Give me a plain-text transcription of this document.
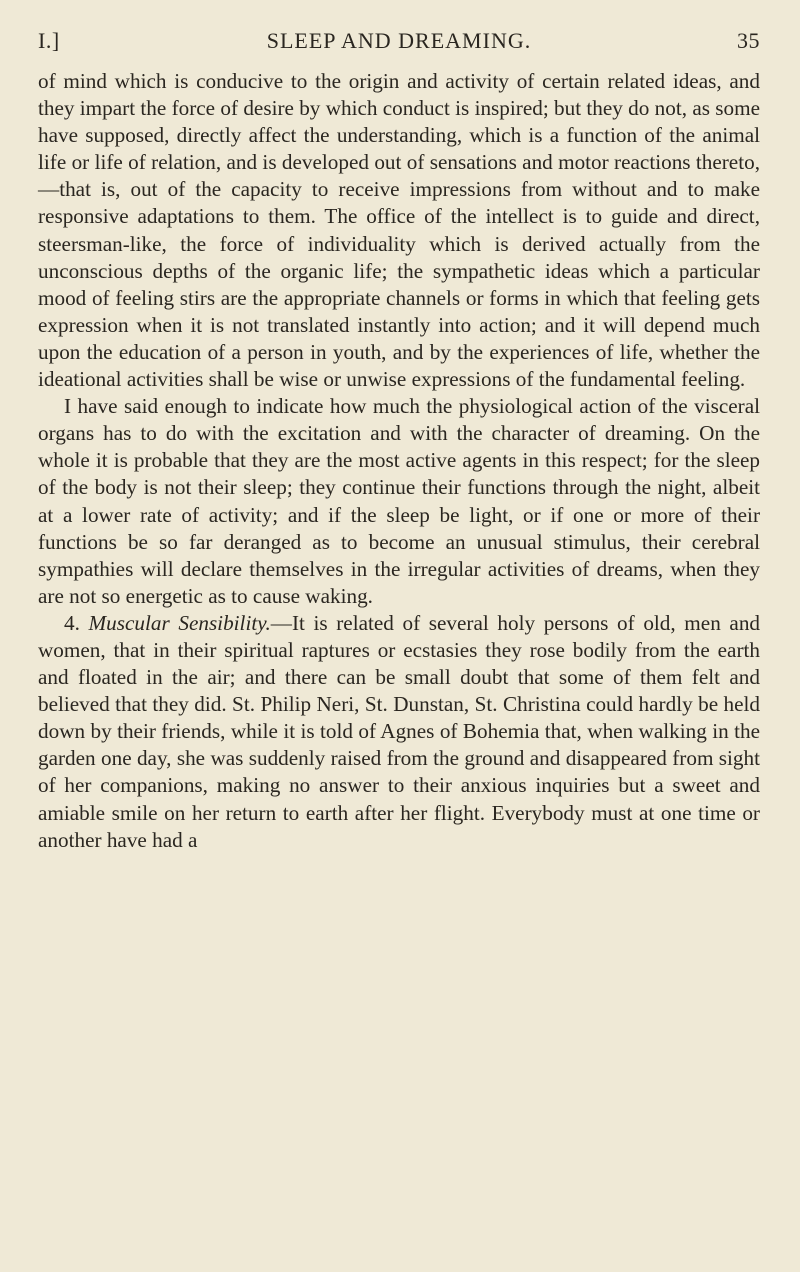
I.]	SLEEP AND DREAMING.	35

of mind which is conducive to the origin and activity of certain related ideas, and they impart the force of desire by which conduct is inspired; but they do not, as some have supposed, directly affect the understanding, which is a function of the animal life or life of relation, and is developed out of sensations and motor reactions thereto,—that is, out of the capacity to receive impressions from without and to make responsive adaptations to them. The office of the intellect is to guide and direct, steersman-like, the force of individuality which is derived actually from the unconscious depths of the organic life; the sympathetic ideas which a particular mood of feeling stirs are the appropriate channels or forms in which that feeling gets expression when it is not translated instantly into action; and it will depend much upon the education of a person in youth, and by the experiences of life, whether the ideational activities shall be wise or unwise expressions of the fundamental feeling.

I have said enough to indicate how much the physiological action of the visceral organs has to do with the excitation and with the character of dreaming. On the whole it is probable that they are the most active agents in this respect; for the sleep of the body is not their sleep; they continue their functions through the night, albeit at a lower rate of activity; and if the sleep be light, or if one or more of their functions be so far deranged as to become an unusual stimulus, their cerebral sympathies will declare themselves in the irregular activities of dreams, when they are not so energetic as to cause waking.

4. Muscular Sensibility.—It is related of several holy persons of old, men and women, that in their spiritual raptures or ecstasies they rose bodily from the earth and floated in the air; and there can be small doubt that some of them felt and believed that they did. St. Philip Neri, St. Dunstan, St. Christina could hardly be held down by their friends, while it is told of Agnes of Bohemia that, when walking in the garden one day, she was suddenly raised from the ground and disappeared from sight of her companions, making no answer to their anxious inquiries but a sweet and amiable smile on her return to earth after her flight. Everybody must at one time or another have had a
